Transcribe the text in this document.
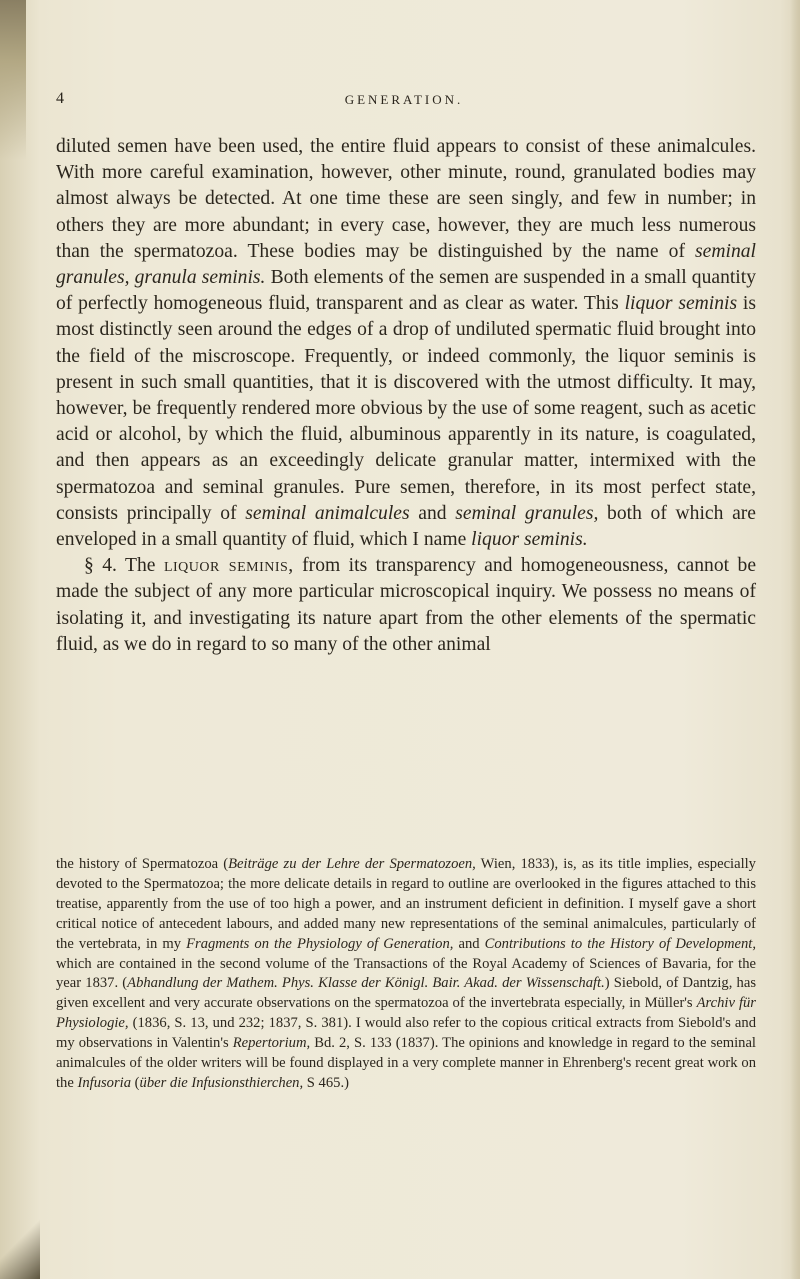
4	GENERATION.

diluted semen have been used, the entire fluid appears to consist of these animalcules. With more careful examination, however, other minute, round, granulated bodies may almost always be detected. At one time these are seen singly, and few in number; in others they are more abundant; in every case, however, they are much less numerous than the spermatozoa. These bodies may be distinguished by the name of seminal granules, granula seminis. Both elements of the semen are suspended in a small quantity of perfectly homogeneous fluid, transparent and as clear as water. This liquor seminis is most distinctly seen around the edges of a drop of undiluted spermatic fluid brought into the field of the miscroscope. Frequently, or indeed commonly, the liquor seminis is present in such small quantities, that it is discovered with the utmost difficulty. It may, however, be frequently rendered more obvious by the use of some reagent, such as acetic acid or alcohol, by which the fluid, albuminous apparently in its nature, is coagulated, and then appears as an exceedingly delicate granular matter, intermixed with the spermatozoa and seminal granules. Pure semen, therefore, in its most perfect state, consists principally of seminal animalcules and seminal granules, both of which are enveloped in a small quantity of fluid, which I name liquor seminis.

§ 4. The liquor seminis, from its transparency and homogeneousness, cannot be made the subject of any more particular microscopical inquiry. We possess no means of isolating it, and investigating its nature apart from the other elements of the spermatic fluid, as we do in regard to so many of the other animal

the history of Spermatozoa (Beiträge zu der Lehre der Spermatozoen, Wien, 1833), is, as its title implies, especially devoted to the Spermatozoa; the more delicate details in regard to outline are overlooked in the figures attached to this treatise, apparently from the use of too high a power, and an instrument deficient in definition. I myself gave a short critical notice of antecedent labours, and added many new representations of the seminal animalcules, particularly of the vertebrata, in my Fragments on the Physiology of Generation, and Contributions to the History of Development, which are contained in the second volume of the Transactions of the Royal Academy of Sciences of Bavaria, for the year 1837. (Abhandlung der Mathem. Phys. Klasse der Königl. Bair. Akad. der Wissenschaft.) Siebold, of Dantzig, has given excellent and very accurate observations on the spermatozoa of the invertebrata especially, in Müller's Archiv für Physiologie, (1836, S. 13, und 232; 1837, S. 381). I would also refer to the copious critical extracts from Siebold's and my observations in Valentin's Repertorium, Bd. 2, S. 133 (1837). The opinions and knowledge in regard to the seminal animalcules of the older writers will be found displayed in a very complete manner in Ehrenberg's recent great work on the Infusoria (über die Infusionsthierchen, S 465.)
